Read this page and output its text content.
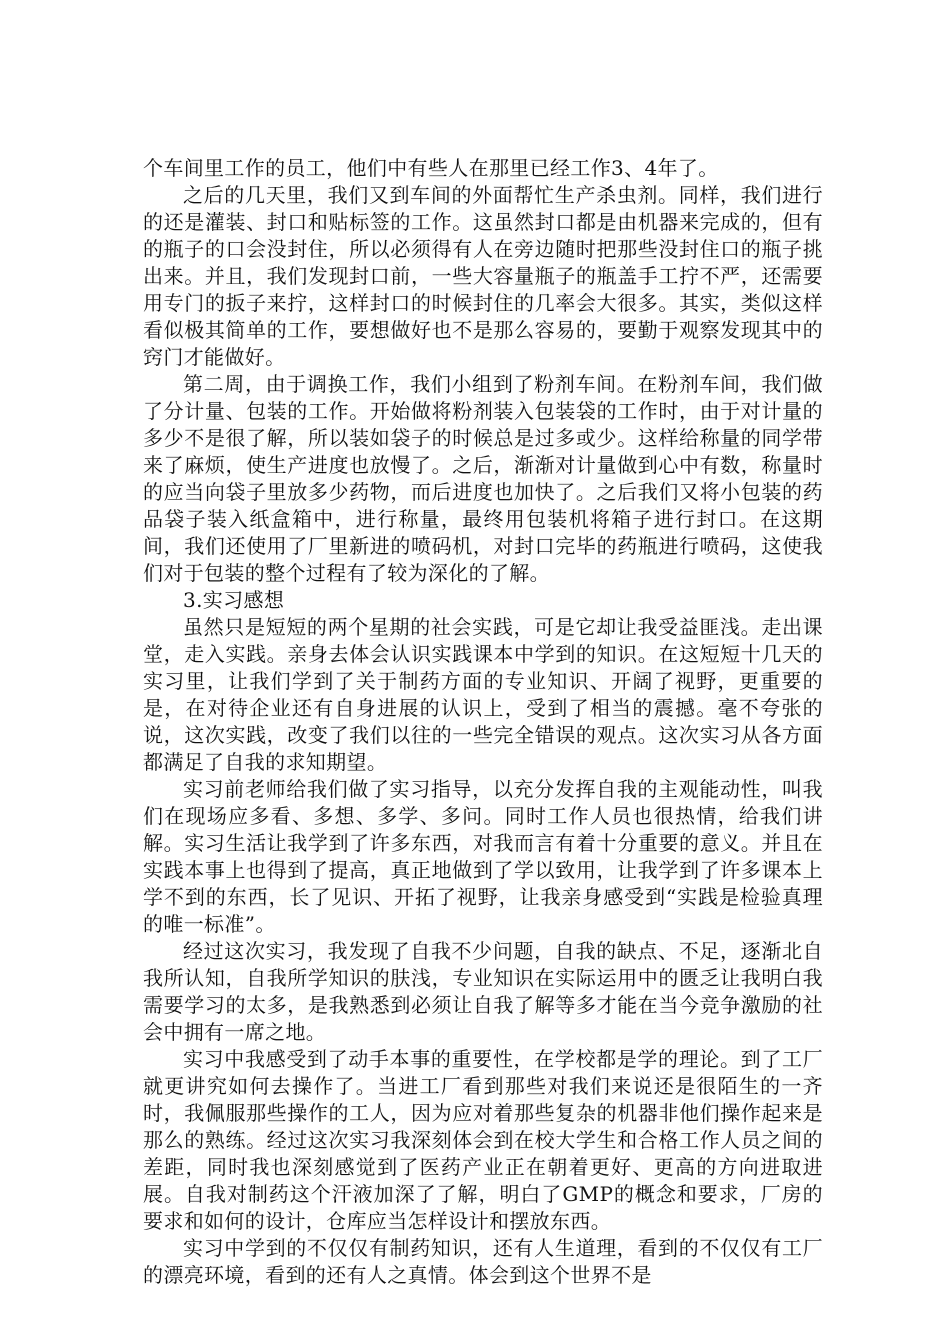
个车间里工作的员工，他们中有些人在那里已经工作3、4年了。

之后的几天里，我们又到车间的外面帮忙生产杀虫剂。同样，我们进行的还是灌装、封口和贴标签的工作。这虽然封口都是由机器来完成的，但有的瓶子的口会没封住，所以必须得有人在旁边随时把那些没封住口的瓶子挑出来。并且，我们发现封口前，一些大容量瓶子的瓶盖手工拧不严，还需要用专门的扳子来拧，这样封口的时候封住的几率会大很多。其实，类似这样看似极其简单的工作，要想做好也不是那么容易的，要勤于观察发现其中的窍门才能做好。

第二周，由于调换工作，我们小组到了粉剂车间。在粉剂车间，我们做了分计量、包装的工作。开始做将粉剂装入包装袋的工作时，由于对计量的多少不是很了解，所以装如袋子的时候总是过多或少。这样给称量的同学带来了麻烦，使生产进度也放慢了。之后，渐渐对计量做到心中有数，称量时的应当向袋子里放多少药物，而后进度也加快了。之后我们又将小包装的药品袋子装入纸盒箱中，进行称量，最终用包装机将箱子进行封口。在这期间，我们还使用了厂里新进的喷码机，对封口完毕的药瓶进行喷码，这使我们对于包装的整个过程有了较为深化的了解。

3.实习感想

虽然只是短短的两个星期的社会实践，可是它却让我受益匪浅。走出课堂，走入实践。亲身去体会认识实践课本中学到的知识。在这短短十几天的实习里，让我们学到了关于制药方面的专业知识、开阔了视野，更重要的是，在对待企业还有自身进展的认识上，受到了相当的震撼。毫不夸张的说，这次实践，改变了我们以往的一些完全错误的观点。这次实习从各方面都满足了自我的求知期望。

实习前老师给我们做了实习指导，以充分发挥自我的主观能动性，叫我们在现场应多看、多想、多学、多问。同时工作人员也很热情，给我们讲解。实习生活让我学到了许多东西，对我而言有着十分重要的意义。并且在实践本事上也得到了提高，真正地做到了学以致用，让我学到了许多课本上学不到的东西，长了见识、开拓了视野，让我亲身感受到“实践是检验真理的唯一标准”。

经过这次实习，我发现了自我不少问题，自我的缺点、不足，逐渐北自我所认知，自我所学知识的肤浅，专业知识在实际运用中的匮乏让我明白我需要学习的太多，是我熟悉到必须让自我了解等多才能在当今竞争激励的社会中拥有一席之地。

实习中我感受到了动手本事的重要性，在学校都是学的理论。到了工厂就更讲究如何去操作了。当进工厂看到那些对我们来说还是很陌生的一齐时，我佩服那些操作的工人，因为应对着那些复杂的机器非他们操作起来是那么的熟练。经过这次实习我深刻体会到在校大学生和合格工作人员之间的差距，同时我也深刻感觉到了医药产业正在朝着更好、更高的方向进取进展。自我对制药这个汗液加深了了解，明白了GMP的概念和要求，厂房的要求和如何的设计，仓库应当怎样设计和摆放东西。

实习中学到的不仅仅有制药知识，还有人生道理，看到的不仅仅有工厂的漂亮环境，看到的还有人之真情。体会到这个世界不是
